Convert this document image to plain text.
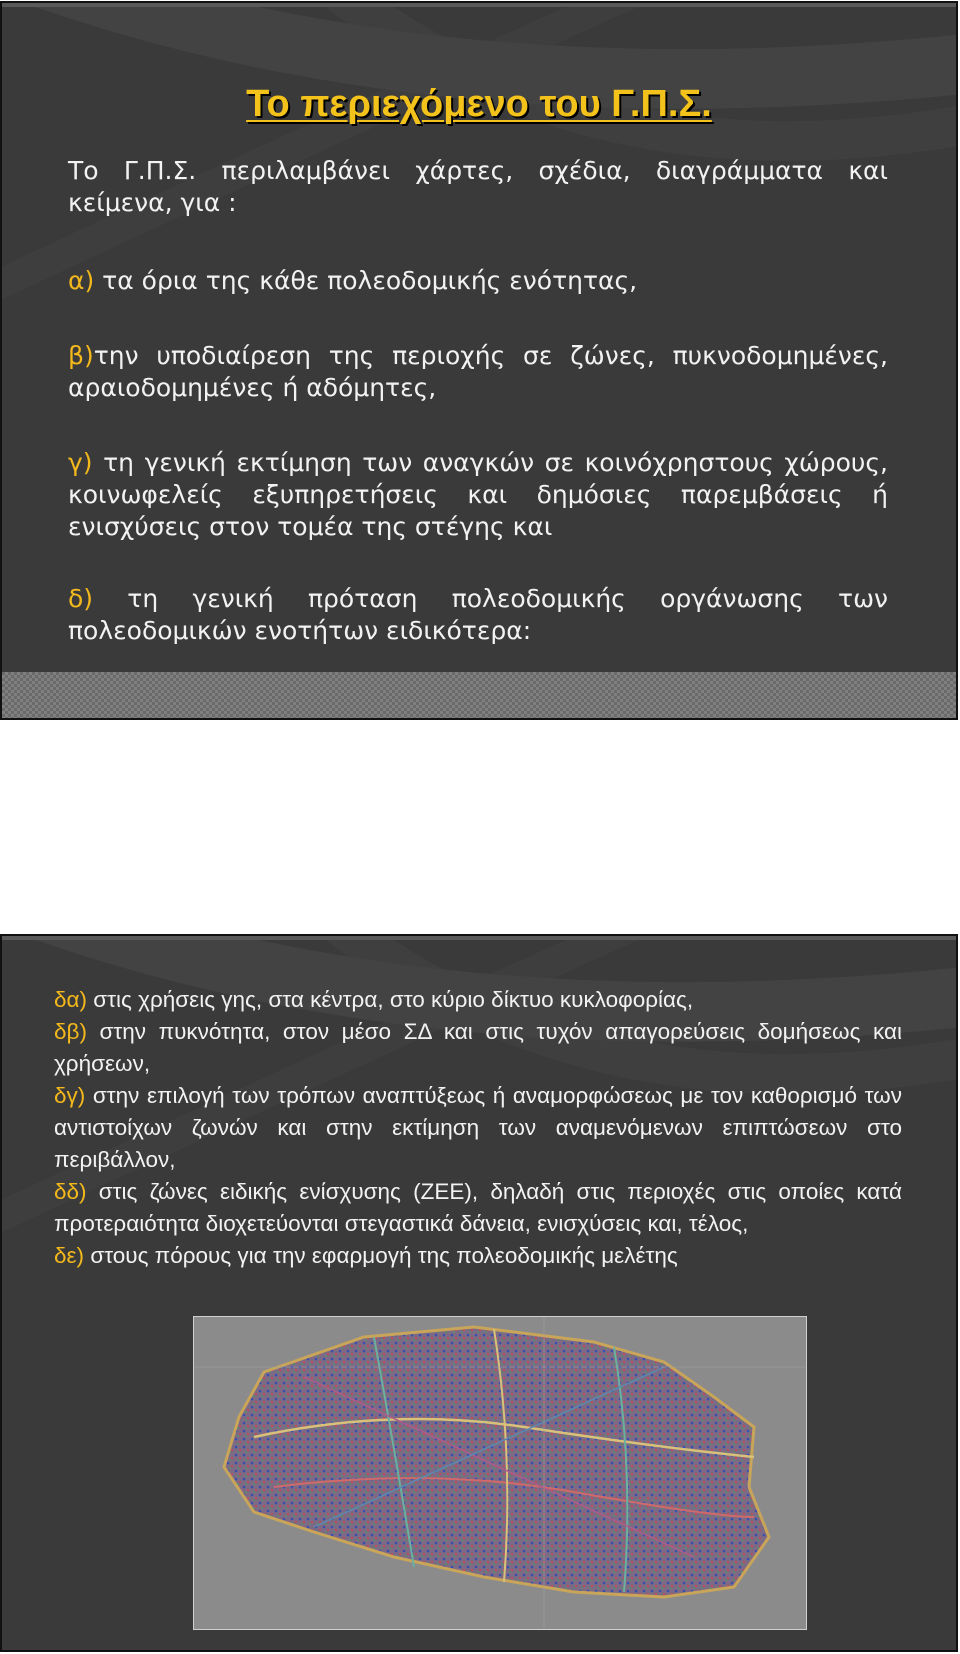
Το περιεχόμενο του Γ.Π.Σ.
Το Γ.Π.Σ. περιλαμβάνει χάρτες, σχέδια, διαγράμματα και κείμενα, για :
α) τα όρια της κάθε πολεοδομικής ενότητας,
β)την υποδιαίρεση της περιοχής σε ζώνες, πυκνοδομημένες, αραιοδομημένες ή αδόμητες,
γ) τη γενική εκτίμηση των αναγκών σε κοινόχρηστους χώρους, κοινωφελείς εξυπηρετήσεις και δημόσιες παρεμβάσεις ή ενισχύσεις στον τομέα της στέγης και
δ) τη γενική πρόταση πολεοδομικής οργάνωσης των πολεοδομικών ενοτήτων ειδικότερα:

δα) στις χρήσεις γης, στα κέντρα, στο κύριο δίκτυο κυκλοφορίας,

δβ) στην πυκνότητα, στον μέσο ΣΔ και στις τυχόν απαγορεύσεις δομήσεως και χρήσεων,

δγ) στην επιλογή των τρόπων αναπτύξεως ή αναμορφώσεως με τον καθορισμό των αντιστοίχων ζωνών και στην εκτίμηση των αναμενόμενων επιπτώσεων στο περιβάλλον,

δδ) στις ζώνες ειδικής ενίσχυσης (ΖΕΕ), δηλαδή στις περιοχές στις οποίες κατά προτεραιότητα διοχετεύονται στεγαστικά δάνεια, ενισχύσεις και, τέλος,

δε) στους πόρους για την εφαρμογή της πολεοδομικής μελέτης
